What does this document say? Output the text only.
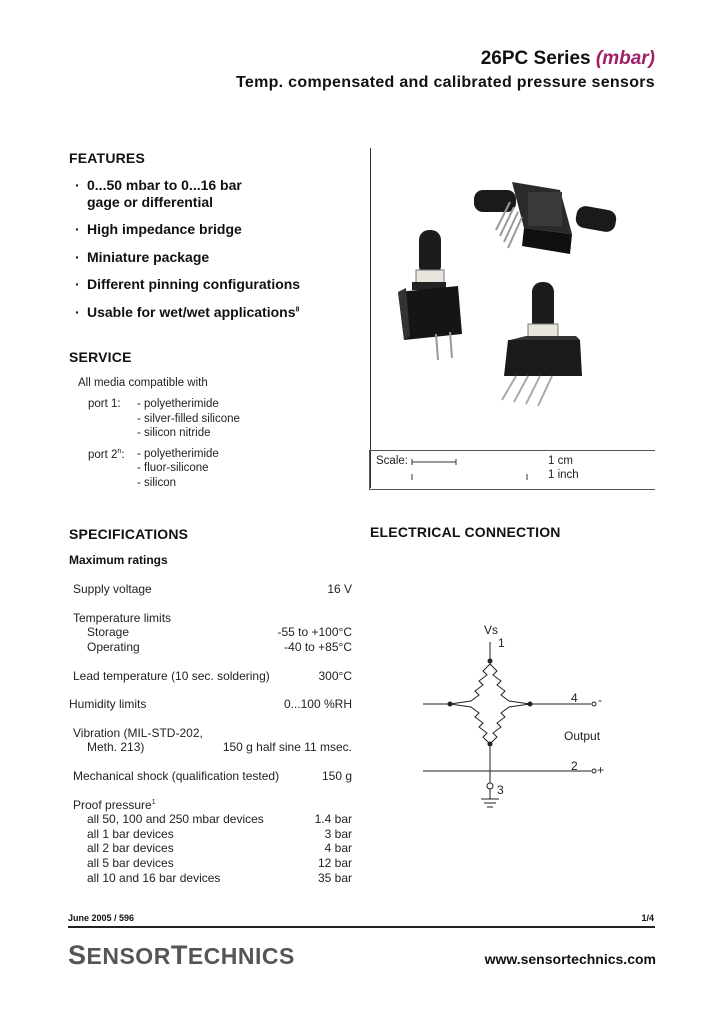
26PC Series (mbar)
Temp. compensated and calibrated pressure sensors
FEATURES
· 0...50 mbar to 0...16 bar
gage or differential
· High impedance bridge
· Miniature package
· Different pinning configurations
· Usable for wet/wet applications$^8$
SERVICE
All media compatible with
port 1: - polyetherimide
- silver-filled silicone
- silicon nitride
port 2$^n$: - polyetherimide
- fluor-silicone
- silicon
Scale:	1 cm
1 inch
SPECIFICATIONS
Maximum ratings
Supply voltage	16 V
Temperature limits
Storage	-55 to +100°C
Operating	-40 to +85°C
Lead temperature (10 sec. soldering)	300°C
Humidity limits	0...100 %RH
Vibration (MIL-STD-202,
Meth. 213)	150 g half sine 11 msec.
Mechanical shock (qualification tested)	150 g
Proof pressure$^1$
all 50, 100 and 250 mbar devices	1.4 bar
all 1 bar devices	3 bar
all 2 bar devices	4 bar
all 5 bar devices	12 bar
all 10 and 16 bar devices	35 bar
ELECTRICAL CONNECTION
Vs
1
4 -
Output
2 +
3
June 2005 / 596	1/4
SENSORTECHNICS	www.sensortechnics.com
